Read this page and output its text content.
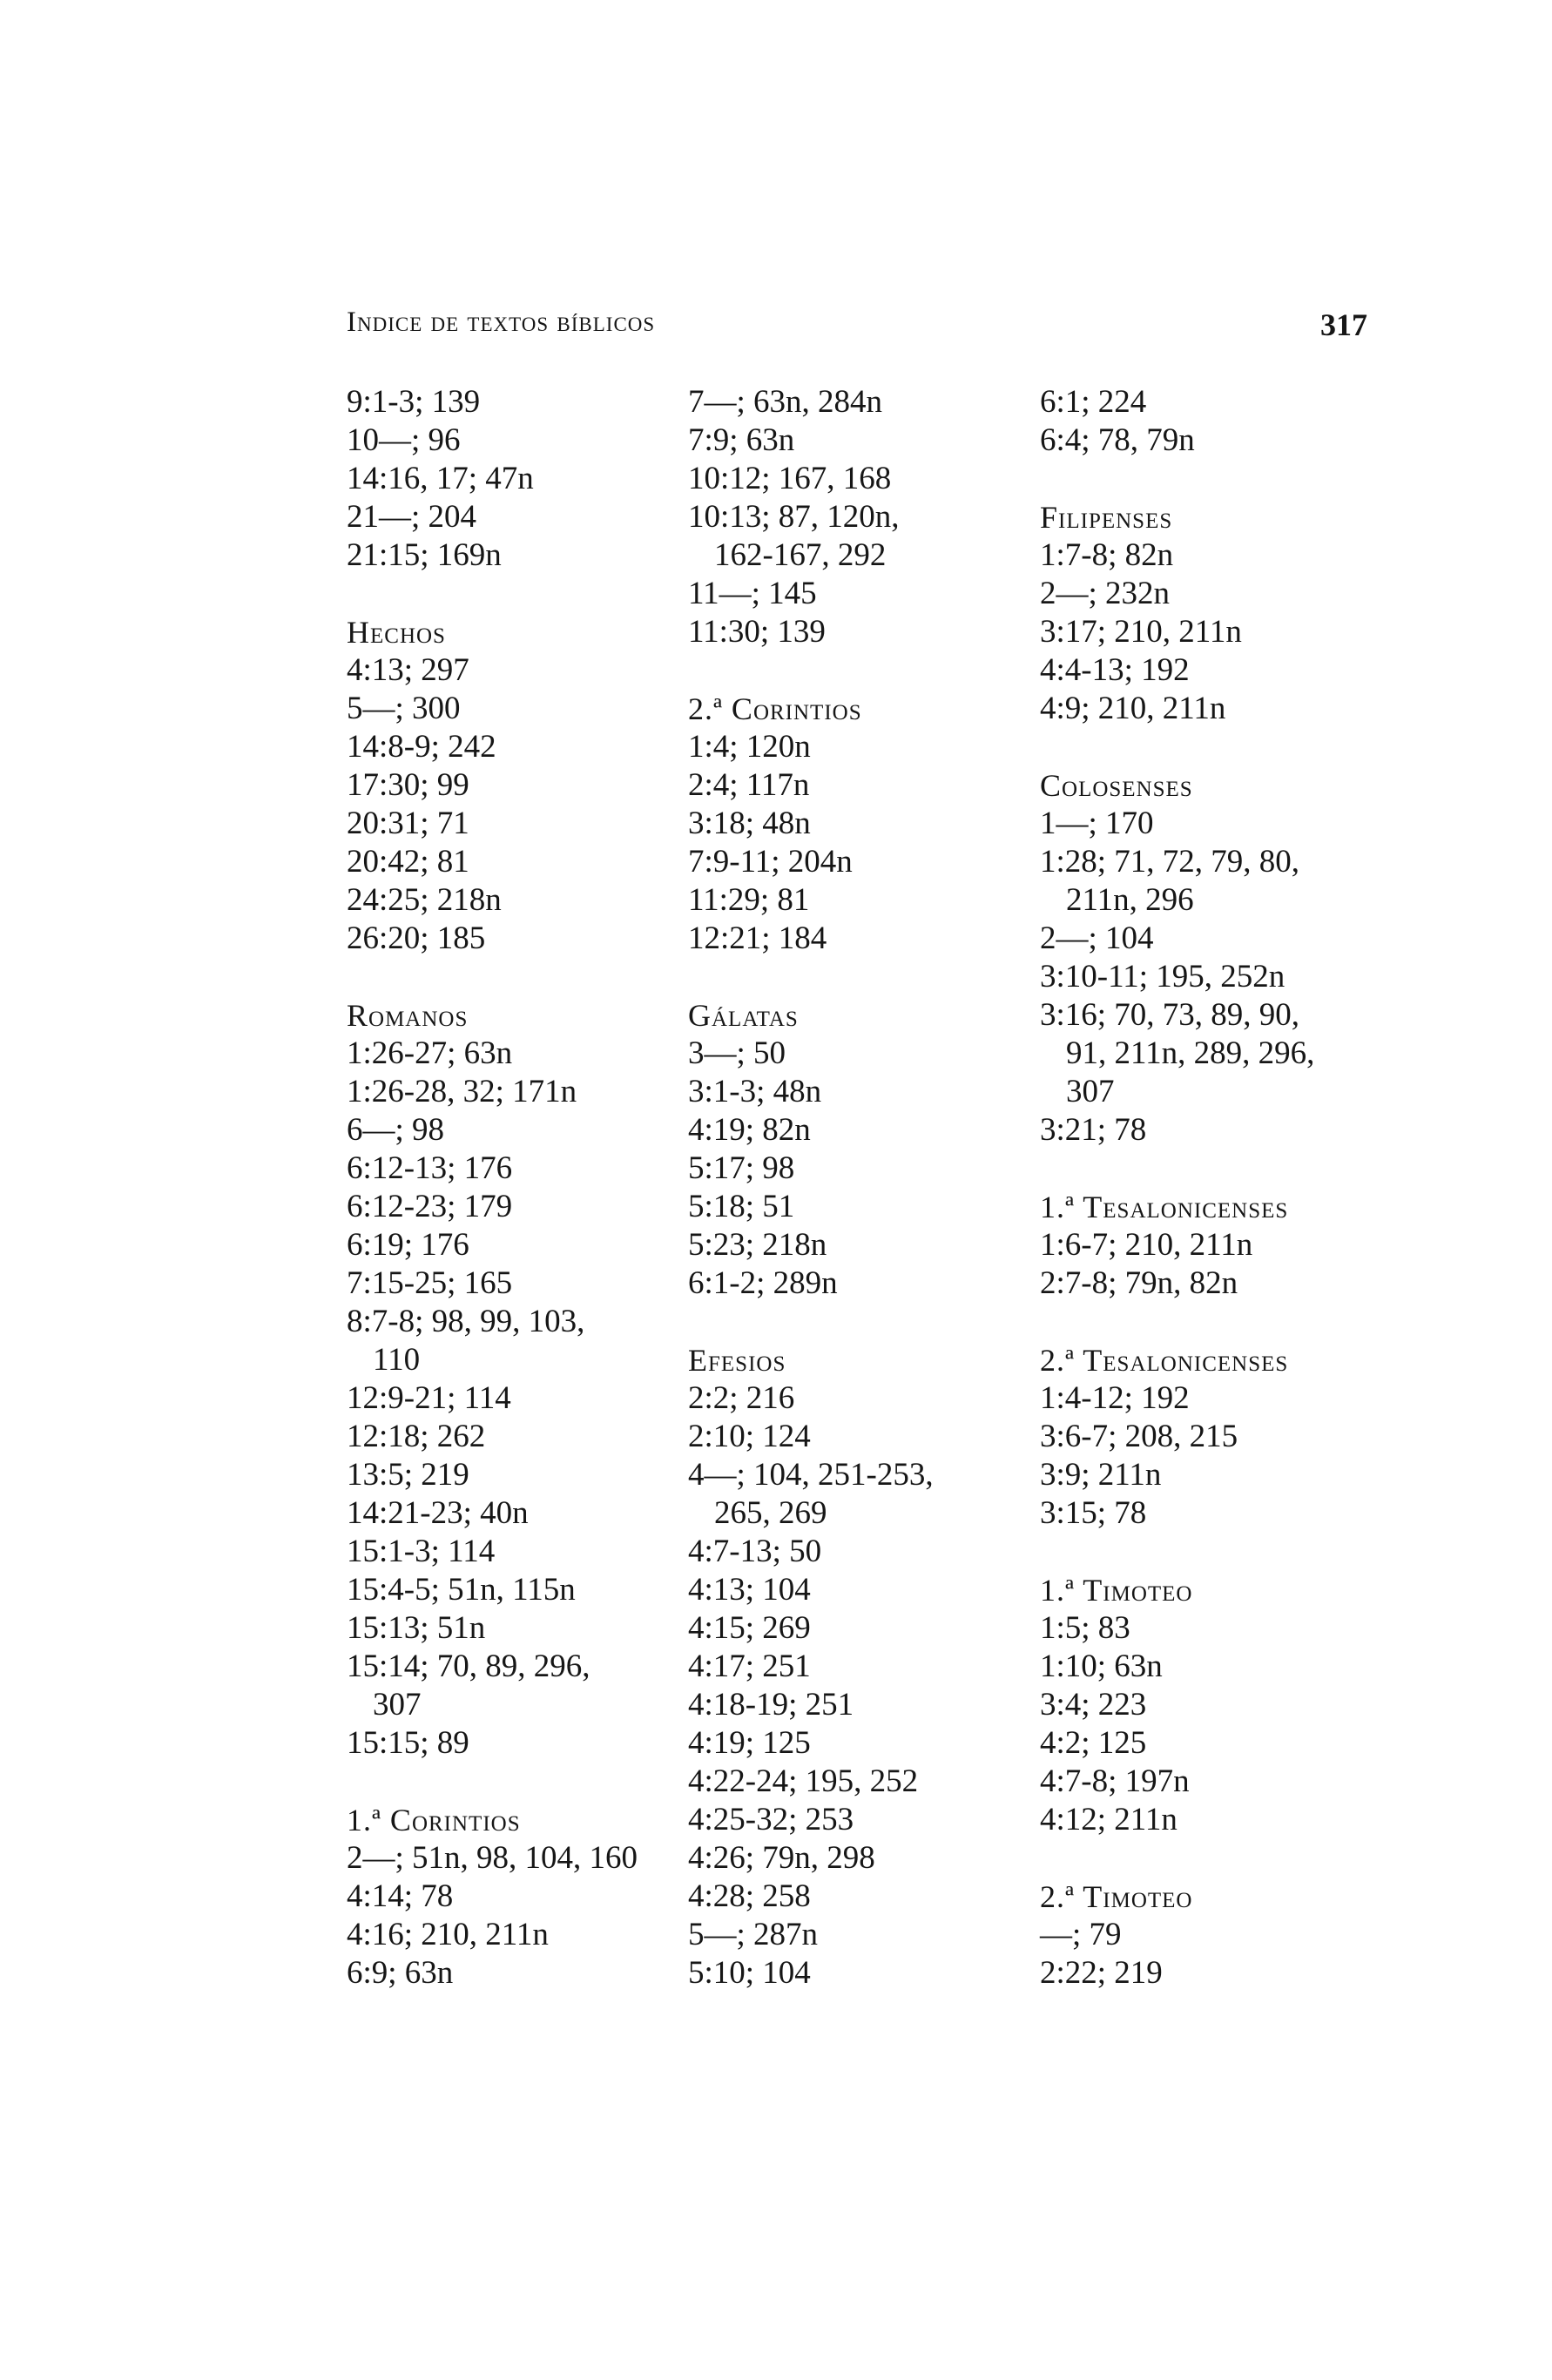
Indice de textos bíblicos	317
9:1-3; 139
10—; 96
14:16, 17; 47n
21—; 204
21:15; 169n
Hechos
4:13; 297
5—; 300
14:8-9; 242
17:30; 99
20:31; 71
20:42; 81
24:25; 218n
26:20; 185
Romanos
1:26-27; 63n
1:26-28, 32; 171n
6—; 98
6:12-13; 176
6:12-23; 179
6:19; 176
7:15-25; 165
8:7-8; 98, 99, 103,
110
12:9-21; 114
12:18; 262
13:5; 219
14:21-23; 40n
15:1-3; 114
15:4-5; 51n, 115n
15:13; 51n
15:14; 70, 89, 296,
307
15:15; 89
1.ª Corintios
2—; 51n, 98, 104, 160
4:14; 78
4:16; 210, 211n
6:9; 63n
7—; 63n, 284n
7:9; 63n
10:12; 167, 168
10:13; 87, 120n,
162-167, 292
11—; 145
11:30; 139
2.ª Corintios
1:4; 120n
2:4; 117n
3:18; 48n
7:9-11; 204n
11:29; 81
12:21; 184
Gálatas
3—; 50
3:1-3; 48n
4:19; 82n
5:17; 98
5:18; 51
5:23; 218n
6:1-2; 289n
Efesios
2:2; 216
2:10; 124
4—; 104, 251-253,
265, 269
4:7-13; 50
4:13; 104
4:15; 269
4:17; 251
4:18-19; 251
4:19; 125
4:22-24; 195, 252
4:25-32; 253
4:26; 79n, 298
4:28; 258
5—; 287n
5:10; 104
6:1; 224
6:4; 78, 79n
Filipenses
1:7-8; 82n
2—; 232n
3:17; 210, 211n
4:4-13; 192
4:9; 210, 211n
Colosenses
1—; 170
1:28; 71, 72, 79, 80,
211n, 296
2—; 104
3:10-11; 195, 252n
3:16; 70, 73, 89, 90,
91, 211n, 289, 296,
307
3:21; 78
1.ª Tesalonicenses
1:6-7; 210, 211n
2:7-8; 79n, 82n
2.ª Tesalonicenses
1:4-12; 192
3:6-7; 208, 215
3:9; 211n
3:15; 78
1.ª Timoteo
1:5; 83
1:10; 63n
3:4; 223
4:2; 125
4:7-8; 197n
4:12; 211n
2.ª Timoteo
—; 79
2:22; 219
